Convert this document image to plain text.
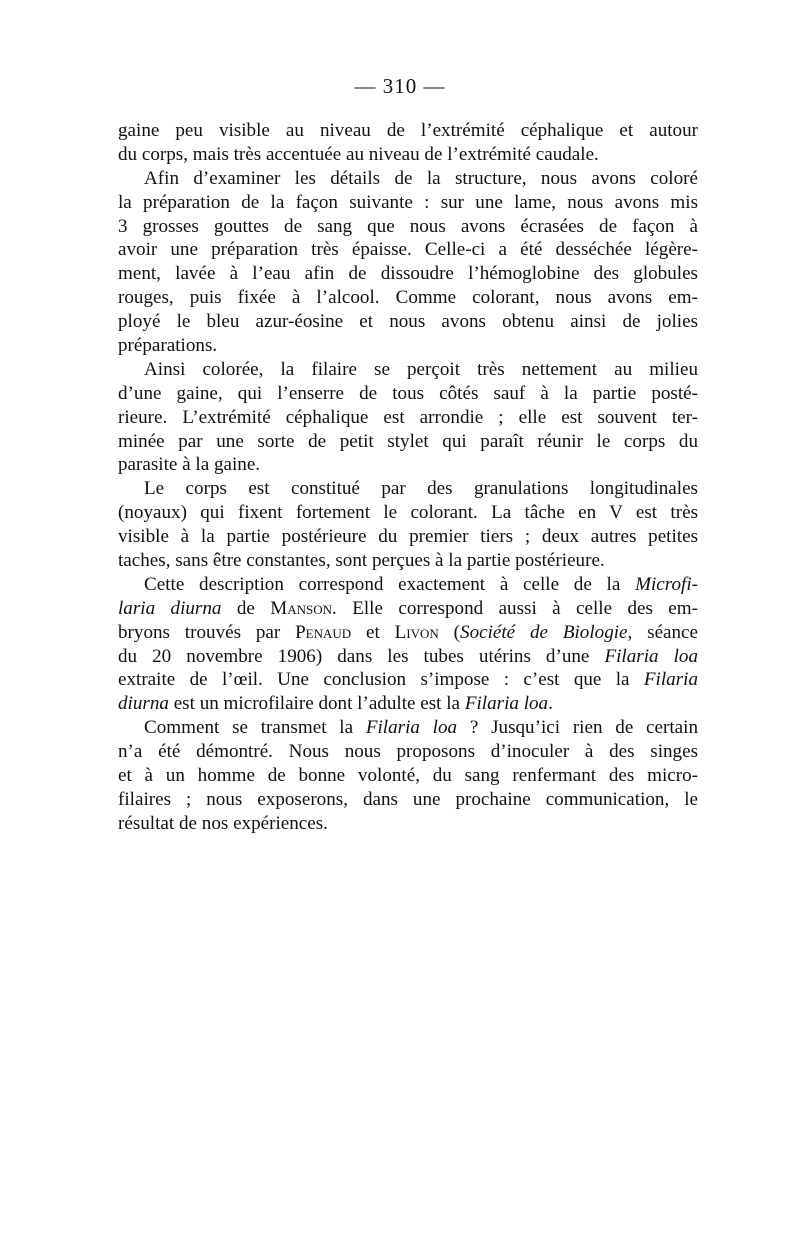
— 310 —
gaine peu visible au niveau de l’extrémité céphalique et autour
du corps, mais très accentuée au niveau de l’extrémité caudale.
Afin d’examiner les détails de la structure, nous avons coloré
la préparation de la façon suivante : sur une lame, nous avons mis
3 grosses gouttes de sang que nous avons écrasées de façon à
avoir une préparation très épaisse. Celle-ci a été desséchée légère-
ment, lavée à l’eau afin de dissoudre l’hémoglobine des globules
rouges, puis fixée à l’alcool. Comme colorant, nous avons em-
ployé le bleu azur-éosine et nous avons obtenu ainsi de jolies
préparations.
Ainsi colorée, la filaire se perçoit très nettement au milieu
d’une gaine, qui l’enserre de tous côtés sauf à la partie posté-
rieure. L’extrémité céphalique est arrondie ; elle est souvent ter-
minée par une sorte de petit stylet qui paraît réunir le corps du
parasite à la gaine.
Le corps est constitué par des granulations longitudinales
(noyaux) qui fixent fortement le colorant. La tâche en V est très
visible à la partie postérieure du premier tiers ; deux autres petites
taches, sans être constantes, sont perçues à la partie postérieure.
Cette description correspond exactement à celle de la Microfi-
laria diurna de Manson. Elle correspond aussi à celle des em-
bryons trouvés par Penaud et Livon (Société de Biologie, séance
du 20 novembre 1906) dans les tubes utérins d’une Filaria loa
extraite de l’œil. Une conclusion s’impose : c’est que la Filaria
diurna est un microfilaire dont l’adulte est la Filaria loa.
Comment se transmet la Filaria loa ? Jusqu’ici rien de certain
n’a été démontré. Nous nous proposons d’inoculer à des singes
et à un homme de bonne volonté, du sang renfermant des micro-
filaires ; nous exposerons, dans une prochaine communication, le
résultat de nos expériences.
